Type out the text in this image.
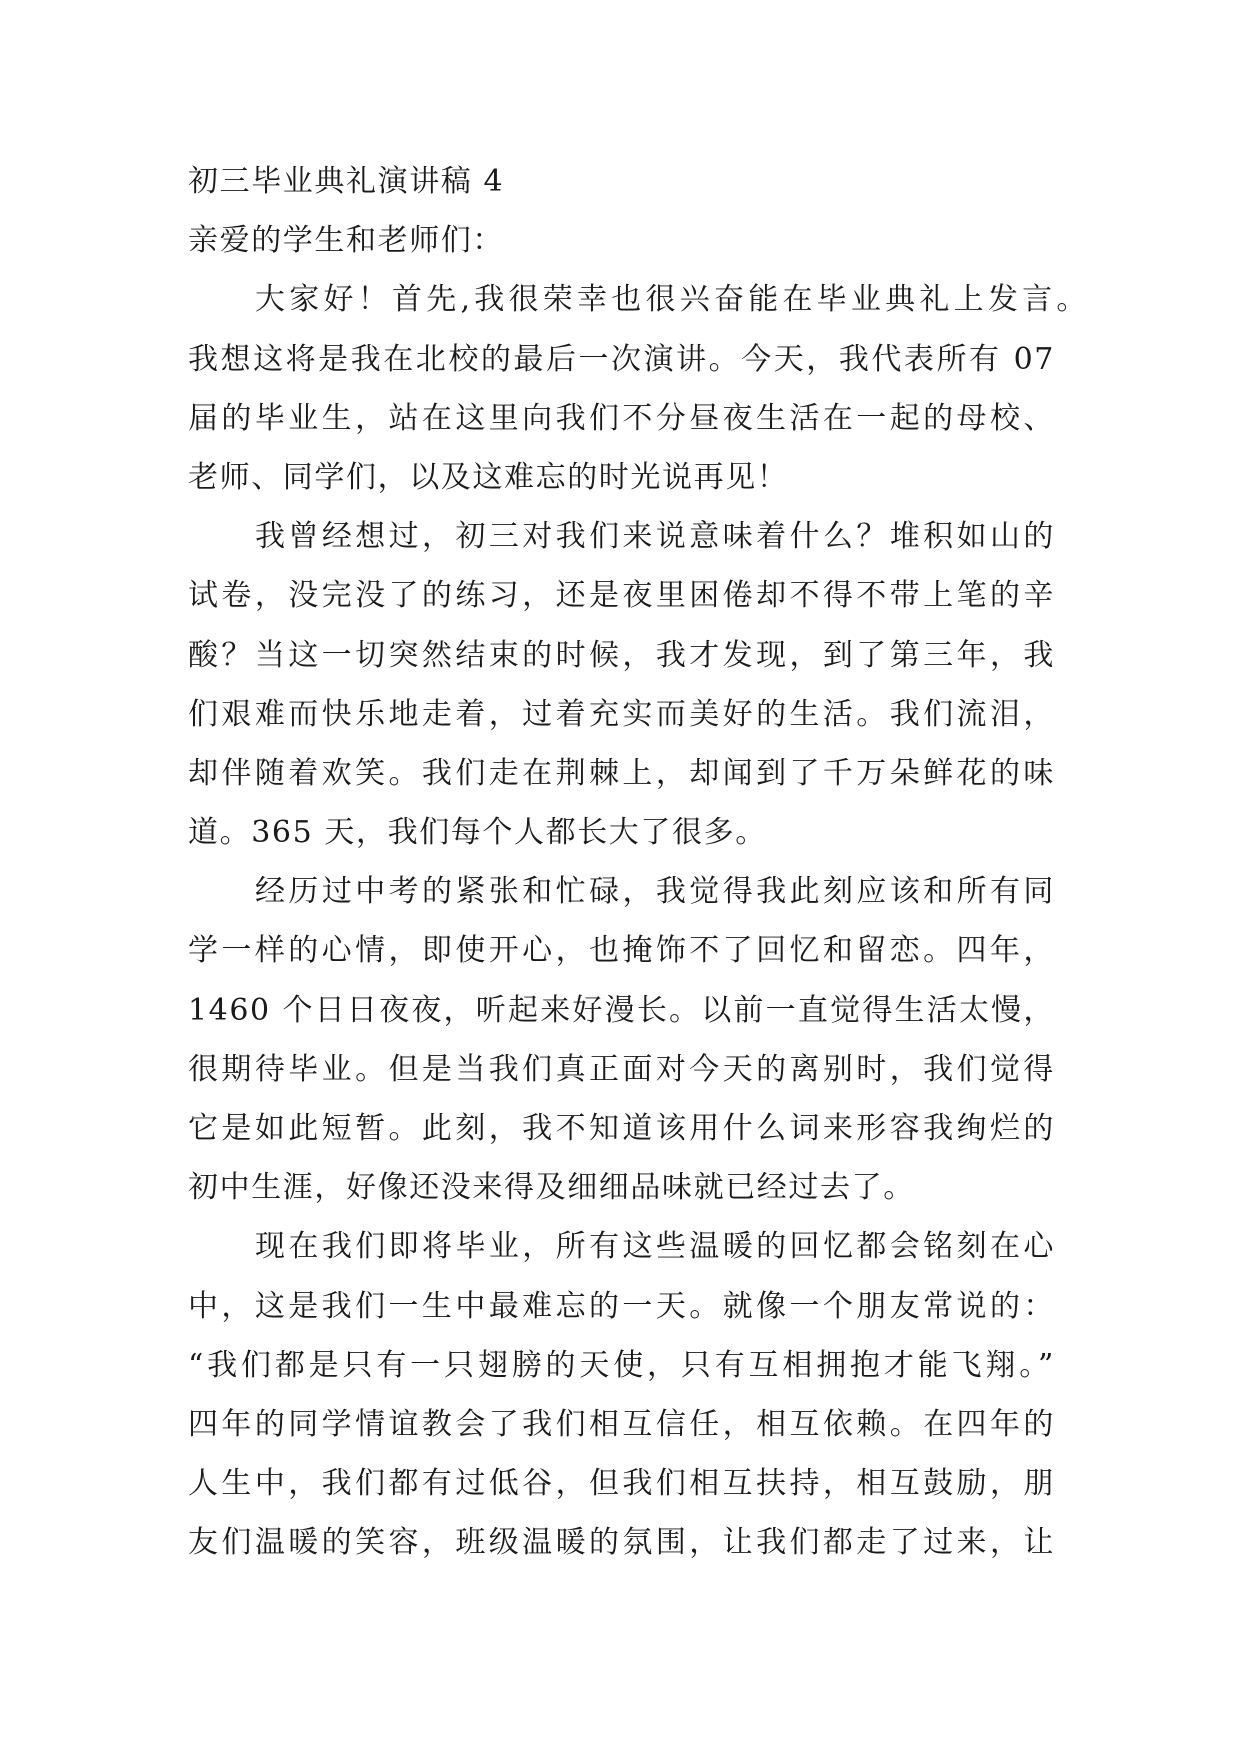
初三毕业典礼演讲稿 4
亲爱的学生和老师们：
大家好！首先,我很荣幸也很兴奋能在毕业典礼上发言。
我想这将是我在北校的最后一次演讲。今天，我代表所有 07
届的毕业生，站在这里向我们不分昼夜生活在一起的母校、
老师、同学们，以及这难忘的时光说再见！
我曾经想过，初三对我们来说意味着什么？堆积如山的
试卷，没完没了的练习，还是夜里困倦却不得不带上笔的辛
酸？当这一切突然结束的时候，我才发现，到了第三年，我
们艰难而快乐地走着，过着充实而美好的生活。我们流泪，
却伴随着欢笑。我们走在荆棘上，却闻到了千万朵鲜花的味
道。365 天，我们每个人都长大了很多。
经历过中考的紧张和忙碌，我觉得我此刻应该和所有同
学一样的心情，即使开心，也掩饰不了回忆和留恋。四年，
1460 个日日夜夜，听起来好漫长。以前一直觉得生活太慢，
很期待毕业。但是当我们真正面对今天的离别时，我们觉得
它是如此短暂。此刻，我不知道该用什么词来形容我绚烂的
初中生涯，好像还没来得及细细品味就已经过去了。
现在我们即将毕业，所有这些温暖的回忆都会铭刻在心
中，这是我们一生中最难忘的一天。就像一个朋友常说的：
“我们都是只有一只翅膀的天使，只有互相拥抱才能飞翔。”
四年的同学情谊教会了我们相互信任，相互依赖。在四年的
人生中，我们都有过低谷，但我们相互扶持，相互鼓励，朋
友们温暖的笑容，班级温暖的氛围，让我们都走了过来，让
